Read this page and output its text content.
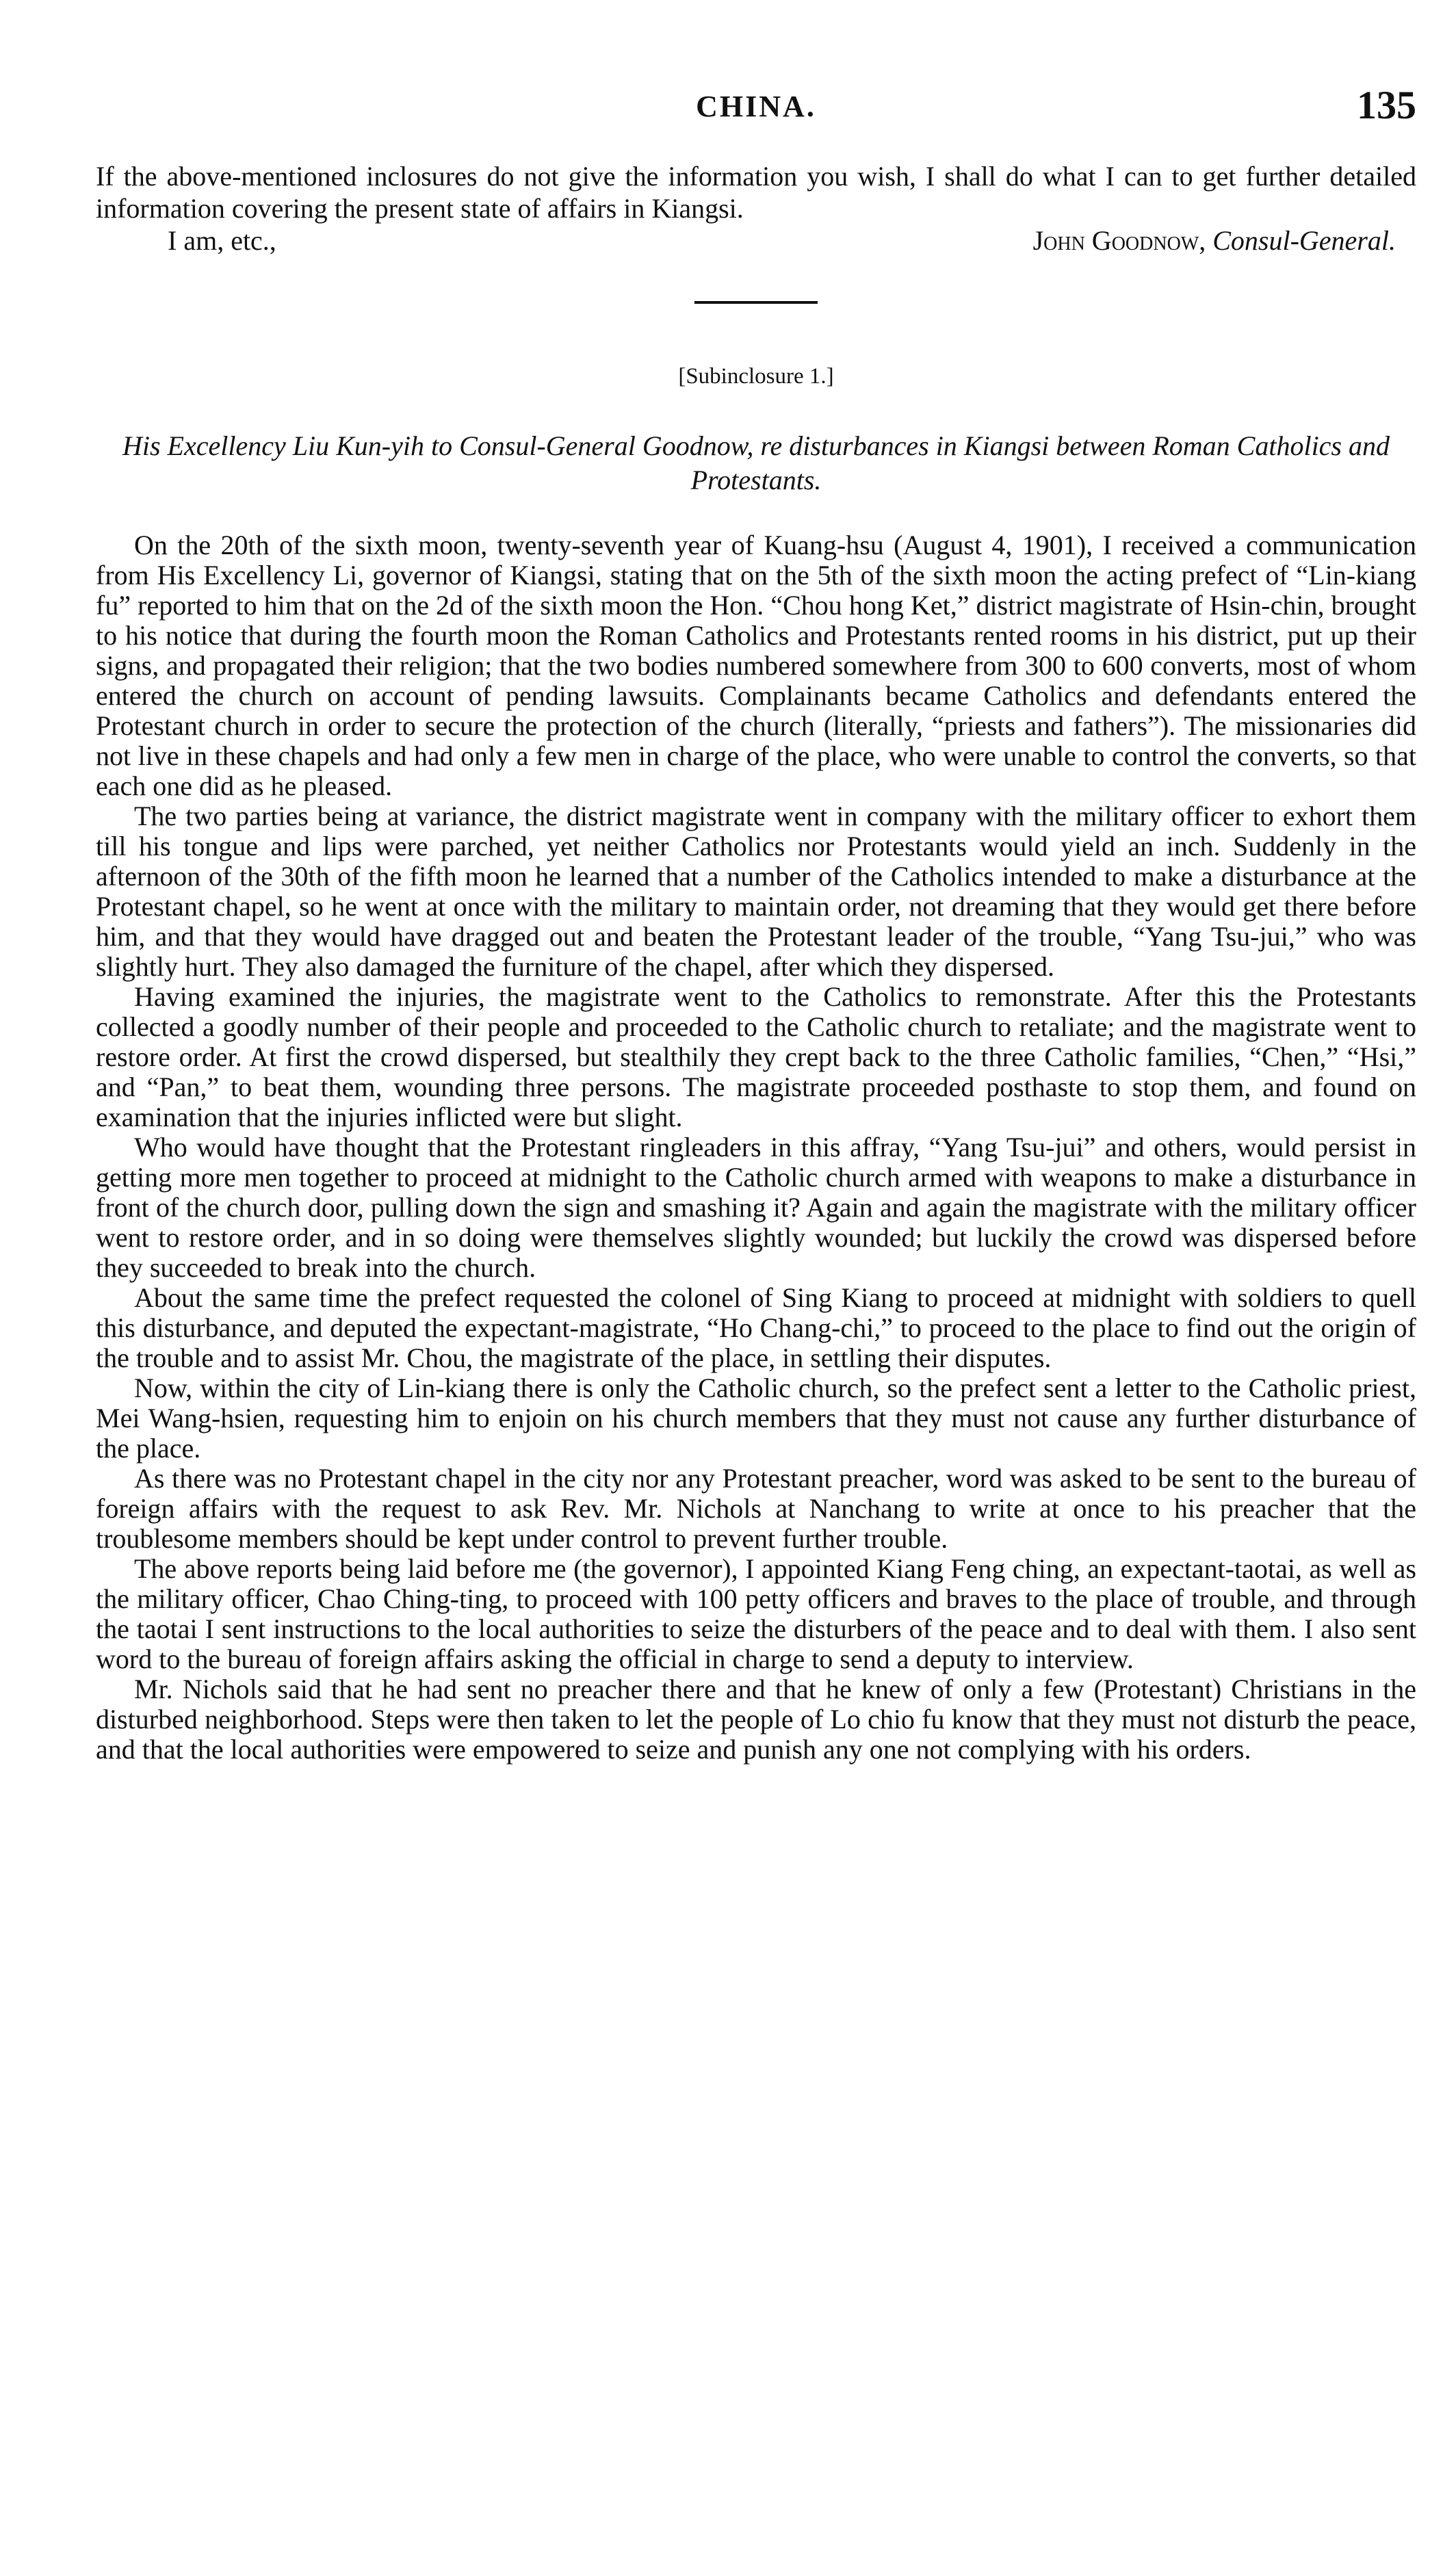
CHINA.	135

If the above-mentioned inclosures do not give the information you wish, I shall do what I can to get further detailed information covering the present state of affairs in Kiangsi.

I am, etc.,	John Goodnow, Consul-General.
[Subinclosure 1.]
His Excellency Liu Kun-yih to Consul-General Goodnow, re disturbances in Kiangsi between Roman Catholics and Protestants.

On the 20th of the sixth moon, twenty-seventh year of Kuang-hsu (August 4, 1901), I received a communication from His Excellency Li, governor of Kiangsi, stating that on the 5th of the sixth moon the acting prefect of “Lin-kiang fu” reported to him that on the 2d of the sixth moon the Hon. “Chou hong Ket,” district magistrate of Hsin-chin, brought to his notice that during the fourth moon the Roman Catholics and Protestants rented rooms in his district, put up their signs, and propagated their religion; that the two bodies numbered somewhere from 300 to 600 converts, most of whom entered the church on account of pending lawsuits. Complainants became Catholics and defendants entered the Protestant church in order to secure the protection of the church (literally, “priests and fathers”). The missionaries did not live in these chapels and had only a few men in charge of the place, who were unable to control the converts, so that each one did as he pleased.

The two parties being at variance, the district magistrate went in company with the military officer to exhort them till his tongue and lips were parched, yet neither Catholics nor Protestants would yield an inch. Suddenly in the afternoon of the 30th of the fifth moon he learned that a number of the Catholics intended to make a disturbance at the Protestant chapel, so he went at once with the military to maintain order, not dreaming that they would get there before him, and that they would have dragged out and beaten the Protestant leader of the trouble, “Yang Tsu-jui,” who was slightly hurt. They also damaged the furniture of the chapel, after which they dispersed.

Having examined the injuries, the magistrate went to the Catholics to remonstrate. After this the Protestants collected a goodly number of their people and proceeded to the Catholic church to retaliate; and the magistrate went to restore order. At first the crowd dispersed, but stealthily they crept back to the three Catholic families, “Chen,” “Hsi,” and “Pan,” to beat them, wounding three persons. The magistrate proceeded posthaste to stop them, and found on examination that the injuries inflicted were but slight.

Who would have thought that the Protestant ringleaders in this affray, “Yang Tsu-jui” and others, would persist in getting more men together to proceed at midnight to the Catholic church armed with weapons to make a disturbance in front of the church door, pulling down the sign and smashing it? Again and again the magistrate with the military officer went to restore order, and in so doing were themselves slightly wounded; but luckily the crowd was dispersed before they succeeded to break into the church.

About the same time the prefect requested the colonel of Sing Kiang to proceed at midnight with soldiers to quell this disturbance, and deputed the expectant-magistrate, “Ho Chang-chi,” to proceed to the place to find out the origin of the trouble and to assist Mr. Chou, the magistrate of the place, in settling their disputes.

Now, within the city of Lin-kiang there is only the Catholic church, so the prefect sent a letter to the Catholic priest, Mei Wang-hsien, requesting him to enjoin on his church members that they must not cause any further disturbance of the place.

As there was no Protestant chapel in the city nor any Protestant preacher, word was asked to be sent to the bureau of foreign affairs with the request to ask Rev. Mr. Nichols at Nanchang to write at once to his preacher that the troublesome members should be kept under control to prevent further trouble.

The above reports being laid before me (the governor), I appointed Kiang Feng ching, an expectant-taotai, as well as the military officer, Chao Ching-ting, to proceed with 100 petty officers and braves to the place of trouble, and through the taotai I sent instructions to the local authorities to seize the disturbers of the peace and to deal with them. I also sent word to the bureau of foreign affairs asking the official in charge to send a deputy to interview.

Mr. Nichols said that he had sent no preacher there and that he knew of only a few (Protestant) Christians in the disturbed neighborhood. Steps were then taken to let the people of Lo chio fu know that they must not disturb the peace, and that the local authorities were empowered to seize and punish any one not complying with his orders.
